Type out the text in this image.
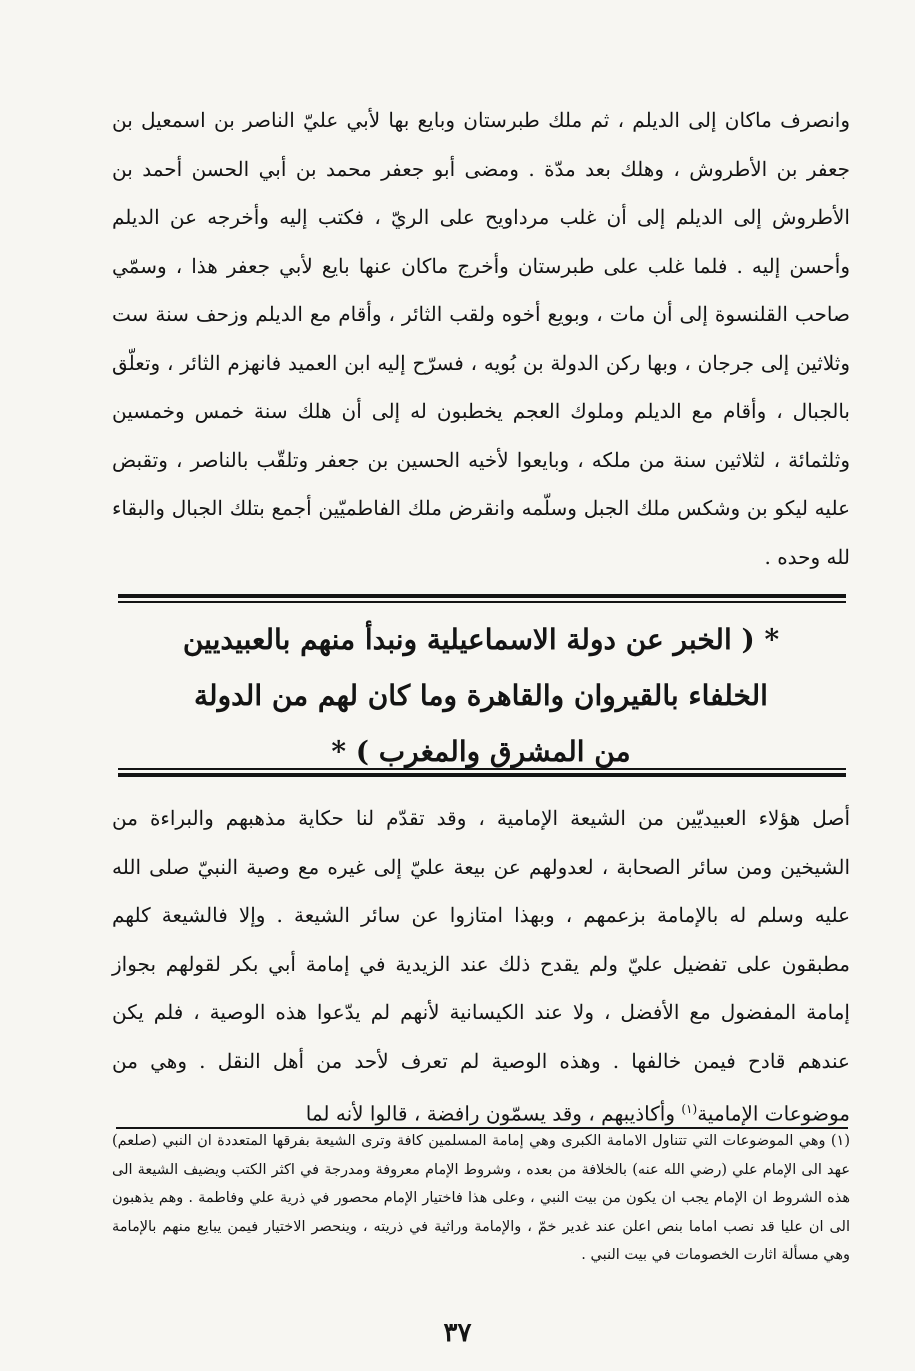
وانصرف ماكان إلى الديلم ، ثم ملك طبرستان وبايع بها لأبي عليّ الناصر بن اسمعيل بن جعفر بن الأطروش ، وهلك بعد مدّة . ومضى أبو جعفر محمد بن أبي الحسن أحمد بن الأطروش إلى الديلم إلى أن غلب مرداويح على الريّ ، فكتب إليه وأخرجه عن الديلم وأحسن إليه . فلما غلب على طبرستان وأخرج ماكان عنها بايع لأبي جعفر هذا ، وسمّي صاحب القلنسوة إلى أن مات ، وبويع أخوه ولقب الثائر ، وأقام مع الديلم وزحف سنة ست وثلاثين إلى جرجان ، وبها ركن الدولة بن بُويه ، فسرّح إليه ابن العميد فانهزم الثائر ، وتعلّق بالجبال ، وأقام مع الديلم وملوك العجم يخطبون له إلى أن هلك سنة خمس وخمسين وثلثمائة ، لثلاثين سنة من ملكه ، وبايعوا لأخيه الحسين بن جعفر وتلقّب بالناصر ، وتقبض عليه ليكو بن وشكس ملك الجبل وسلّمه وانقرض ملك الفاطميّين أجمع بتلك الجبال والبقاء لله وحده .

* ( الخبر عن دولة الاسماعيلية ونبدأ منهم بالعبيديين
الخلفاء بالقيروان والقاهرة وما كان لهم من الدولة
من المشرق والمغرب ) *

أصل هؤلاء العبيديّين من الشيعة الإمامية ، وقد تقدّم لنا حكاية مذهبهم والبراءة من الشيخين ومن سائر الصحابة ، لعدولهم عن بيعة عليّ إلى غيره مع وصية النبيّ صلى الله عليه وسلم له بالإمامة بزعمهم ، وبهذا امتازوا عن سائر الشيعة . وإلا فالشيعة كلهم مطبقون على تفضيل عليّ ولم يقدح ذلك عند الزيدية في إمامة أبي بكر لقولهم بجواز إمامة المفضول مع الأفضل ، ولا عند الكيسانية لأنهم لم يدّعوا هذه الوصية ، فلم يكن عندهم قادح فيمن خالفها . وهذه الوصية لم تعرف لأحد من أهل النقل . وهي من موضوعات الإمامية$^{(١)}$ وأكاذيبهم ، وقد يسمّون رافضة ، قالوا لأنه لما

(١) وهي الموضوعات التي تتناول الامامة الكبرى وهي إمامة المسلمين كافة وترى الشيعة بفرقها المتعددة ان النبي (صلعم) عهد الى الإمام علي (رضي الله عنه) بالخلافة من بعده ، وشروط الإمام معروفة ومدرجة في اكثر الكتب ويضيف الشيعة الى هذه الشروط ان الإمام يجب ان يكون من بيت النبي ، وعلى هذا فاختيار الإمام محصور في ذرية علي وفاطمة . وهم يذهبون الى ان عليا قد نصب اماما بنص اعلن عند غدير خمّ ، والإمامة وراثية في ذريته ، وينحصر الاختيار فيمن يبايع منهم بالإمامة وهي مسألة اثارت الخصومات في بيت النبي .

٣٧
